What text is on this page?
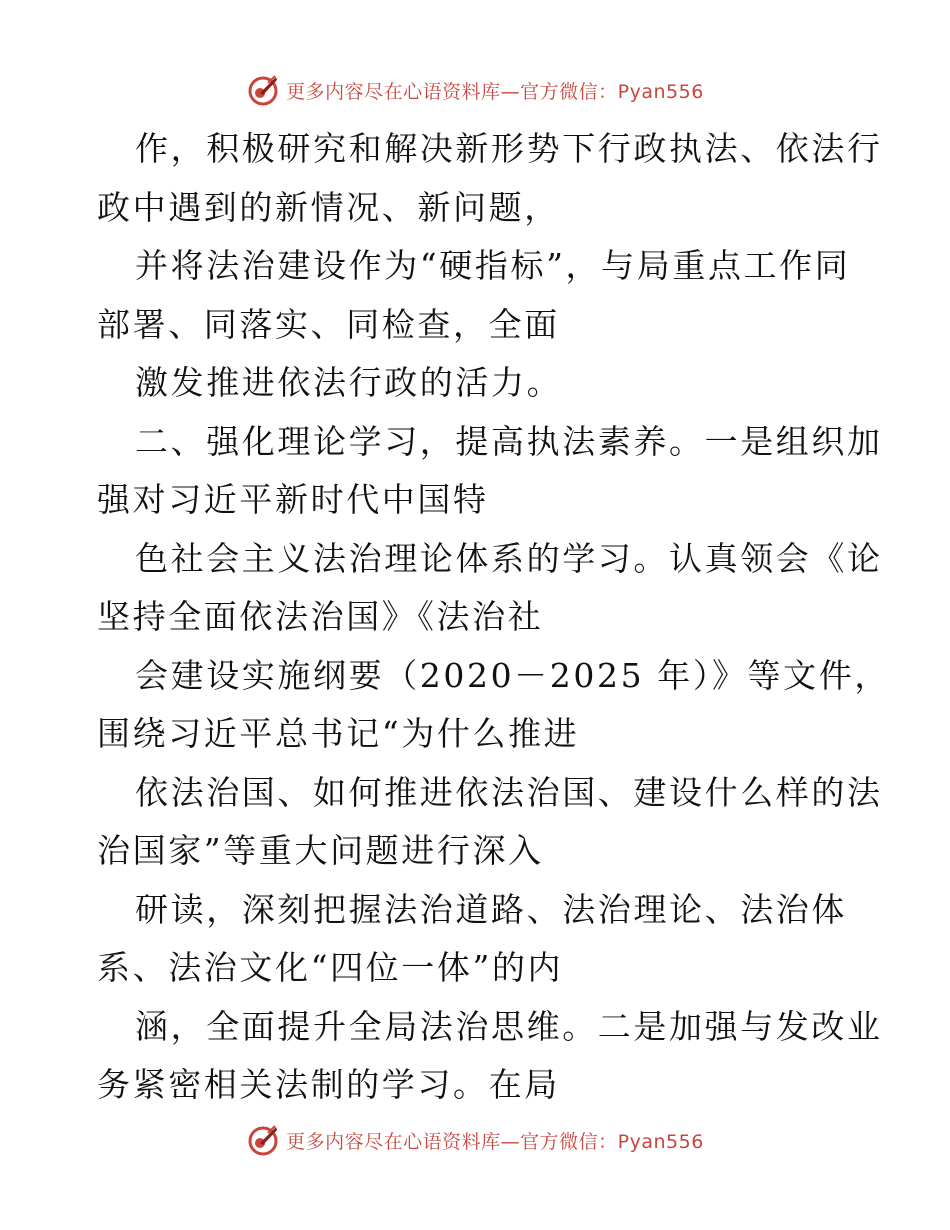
更多内容尽在心语资料库—官方微信：Pyan556
作，积极研究和解决新形势下行政执法、依法行
政中遇到的新情况、新问题，
并将法治建设作为“硬指标”，与局重点工作同
部署、同落实、同检查，全面
激发推进依法行政的活力。
二、强化理论学习，提高执法素养。一是组织加
强对习近平新时代中国特
色社会主义法治理论体系的学习。认真领会《论
坚持全面依法治国》《法治社
会建设实施纲要（2020－2025 年）》等文件，
围绕习近平总书记“为什么推进
依法治国、如何推进依法治国、建设什么样的法
治国家”等重大问题进行深入
研读，深刻把握法治道路、法治理论、法治体
系、法治文化“四位一体”的内
涵，全面提升全局法治思维。二是加强与发改业
务紧密相关法制的学习。在局
更多内容尽在心语资料库—官方微信：Pyan556
